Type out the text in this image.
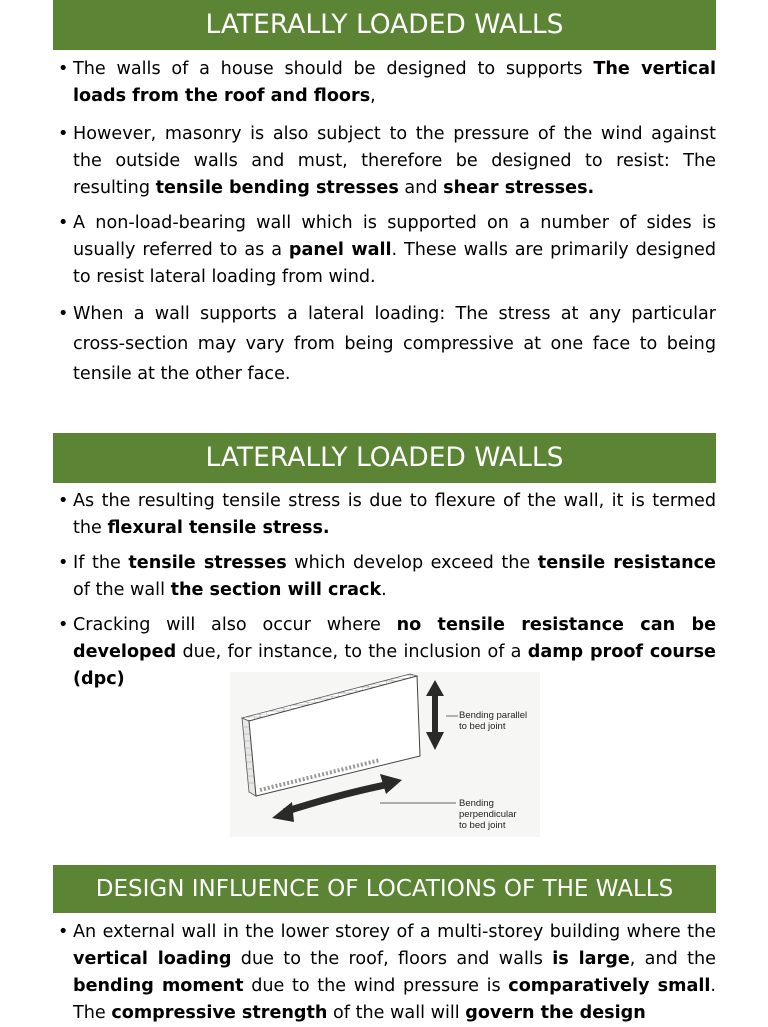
LATERALLY LOADED WALLS
• The walls of a house should be designed to supports The vertical loads from the roof and floors,
• However, masonry is also subject to the pressure of the wind against the outside walls and must, therefore be designed to resist: The resulting tensile bending stresses and shear stresses.
• A non-load-bearing wall which is supported on a number of sides is usually referred to as a panel wall. These walls are primarily designed to resist lateral loading from wind.
• When a wall supports a lateral loading: The stress at any particular cross-section may vary from being compressive at one face to being tensile at the other face.
LATERALLY LOADED WALLS
• As the resulting tensile stress is due to flexure of the wall, it is termed the flexural tensile stress.
• If the tensile stresses which develop exceed the tensile resistance of the wall the section will crack.
• Cracking will also occur where no tensile resistance can be developed due, for instance, to the inclusion of a damp proof course (dpc)
Bending parallel
to bed joint
Bending
perpendicular
to bed joint
DESIGN INFLUENCE OF LOCATIONS OF THE WALLS
• An external wall in the lower storey of a multi-storey building where the vertical loading due to the roof, floors and walls is large, and the bending moment due to the wind pressure is comparatively small. The compressive strength of the wall will govern the design
